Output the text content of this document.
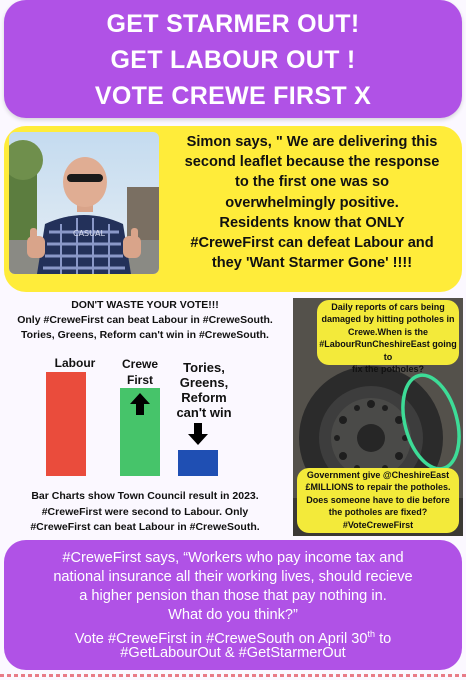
GET STARMER OUT!
GET LABOUR OUT !
VOTE CREWE FIRST X
CASUAL
Simon says, " We are delivering this
second leaflet because the response
to the first one was so
overwhelmingly positive.
Residents know that ONLY
#CreweFirst can defeat Labour and
they 'Want Starmer Gone' !!!!
DON'T WASTE YOUR VOTE!!!
Only #CreweFirst can beat Labour in #CreweSouth.
Tories, Greens, Reform can't win in #CreweSouth.
Labour	Crewe
First
Tories,
Greens,
Reform
can't win
Bar Charts show Town Council result in 2023.
#CreweFirst were second to Labour. Only
#CreweFirst can beat Labour in #CreweSouth.
Daily reports of cars being
damaged by hitting potholes in
Crewe.When is the
#LabourRunCheshireEast going to
fix the potholes?
Government give @CheshireEast
£MILLIONS to repair the potholes.
Does someone have to die before
the potholes are fixed?
#VoteCreweFirst
#CreweFirst says, “Workers who pay income tax and
national insurance all their working lives, should recieve
a higher pension than those that pay nothing in.
What do you think?”
Vote #CreweFirst in #CreweSouth on April 30th to
#GetLabourOut & #GetStarmerOut
